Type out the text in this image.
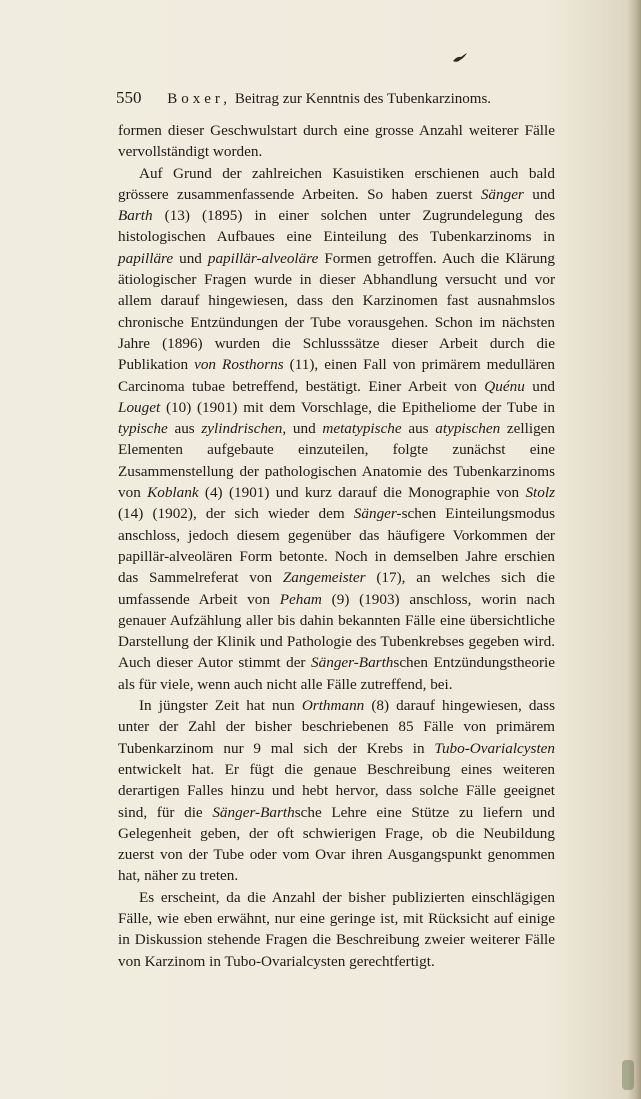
550 Boxer, Beitrag zur Kenntnis des Tubenkarzinoms.

formen dieser Geschwulstart durch eine grosse Anzahl weiterer Fälle vervollständigt worden.

Auf Grund der zahlreichen Kasuistiken erschienen auch bald grössere zusammenfassende Arbeiten. So haben zuerst Sänger und Barth (13) (1895) in einer solchen unter Zugrundelegung des histologischen Aufbaues eine Einteilung des Tubenkarzinoms in papilläre und papillär-alveoläre Formen getroffen. Auch die Klärung ätiologischer Fragen wurde in dieser Abhandlung versucht und vor allem darauf hingewiesen, dass den Karzinomen fast ausnahmslos chronische Entzündungen der Tube vorausgehen. Schon im nächsten Jahre (1896) wurden die Schlusssätze dieser Arbeit durch die Publikation von Rosthorns (11), einen Fall von primärem medullären Carcinoma tubae betreffend, bestätigt. Einer Arbeit von Quénu und Louget (10) (1901) mit dem Vorschlage, die Epitheliome der Tube in typische aus zylindrischen, und metatypische aus atypischen zelligen Elementen aufgebaute einzuteilen, folgte zunächst eine Zusammenstellung der pathologischen Anatomie des Tubenkarzinoms von Koblank (4) (1901) und kurz darauf die Monographie von Stolz (14) (1902), der sich wieder dem Sänger-schen Einteilungsmodus anschloss, jedoch diesem gegenüber das häufigere Vorkommen der papillär-alveolären Form betonte. Noch in demselben Jahre erschien das Sammelreferat von Zangemeister (17), an welches sich die umfassende Arbeit von Peham (9) (1903) anschloss, worin nach genauer Aufzählung aller bis dahin bekannten Fälle eine übersichtliche Darstellung der Klinik und Pathologie des Tubenkrebses gegeben wird. Auch dieser Autor stimmt der Sänger-Barthschen Entzündungstheorie als für viele, wenn auch nicht alle Fälle zutreffend, bei.

In jüngster Zeit hat nun Orthmann (8) darauf hingewiesen, dass unter der Zahl der bisher beschriebenen 85 Fälle von primärem Tubenkarzinom nur 9 mal sich der Krebs in Tubo-Ovarialcysten entwickelt hat. Er fügt die genaue Beschreibung eines weiteren derartigen Falles hinzu und hebt hervor, dass solche Fälle geeignet sind, für die Sänger-Barthsche Lehre eine Stütze zu liefern und Gelegenheit geben, der oft schwierigen Frage, ob die Neubildung zuerst von der Tube oder vom Ovar ihren Ausgangspunkt genommen hat, näher zu treten.

Es erscheint, da die Anzahl der bisher publizierten einschlägigen Fälle, wie eben erwähnt, nur eine geringe ist, mit Rücksicht auf einige in Diskussion stehende Fragen die Beschreibung zweier weiterer Fälle von Karzinom in Tubo-Ovarialcysten gerechtfertigt.
